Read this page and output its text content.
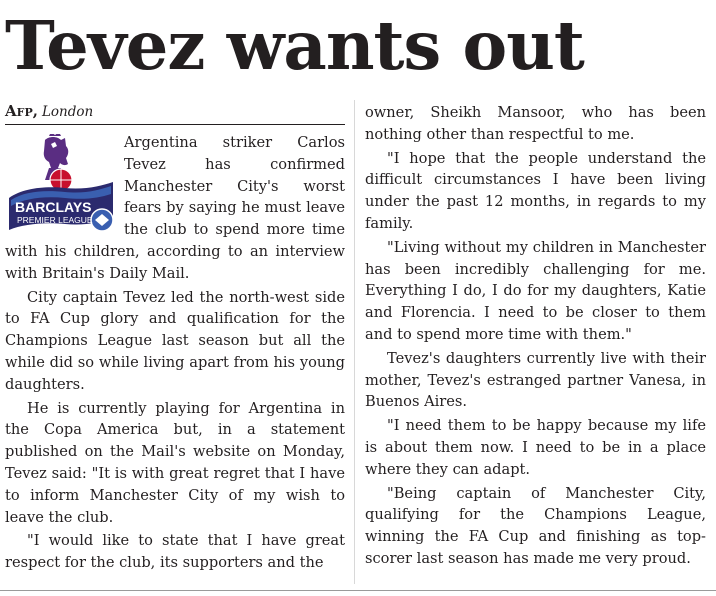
Tevez wants out
Afp, London
BARCLAYS
PREMIER LEAGUE

Argentina striker Carlos Tevez has confirmed Manchester City's worst fears by saying he must leave the club to spend more time with his children, according to an interview with Britain's Daily Mail.

City captain Tevez led the north-west side to FA Cup glory and qualification for the Champions League last season but all the while did so while living apart from his young daughters.

He is currently playing for Argentina in the Copa America but, in a statement published on the Mail's website on Monday, Tevez said: "It is with great regret that I have to inform Manchester City of my wish to leave the club.

"I would like to state that I have great respect for the club, its supporters and the

owner, Sheikh Mansoor, who has been nothing other than respectful to me.

"I hope that the people understand the difficult circumstances I have been living under the past 12 months, in regards to my family.

"Living without my children in Manchester has been incredibly challenging for me. Everything I do, I do for my daughters, Katie and Florencia. I need to be closer to them and to spend more time with them."

Tevez's daughters currently live with their mother, Tevez's estranged partner Vanesa, in Buenos Aires.

"I need them to be happy because my life is about them now. I need to be in a place where they can adapt.

"Being captain of Manchester City, qualifying for the Champions League, winning the FA Cup and finishing as top-scorer last season has made me very proud.
